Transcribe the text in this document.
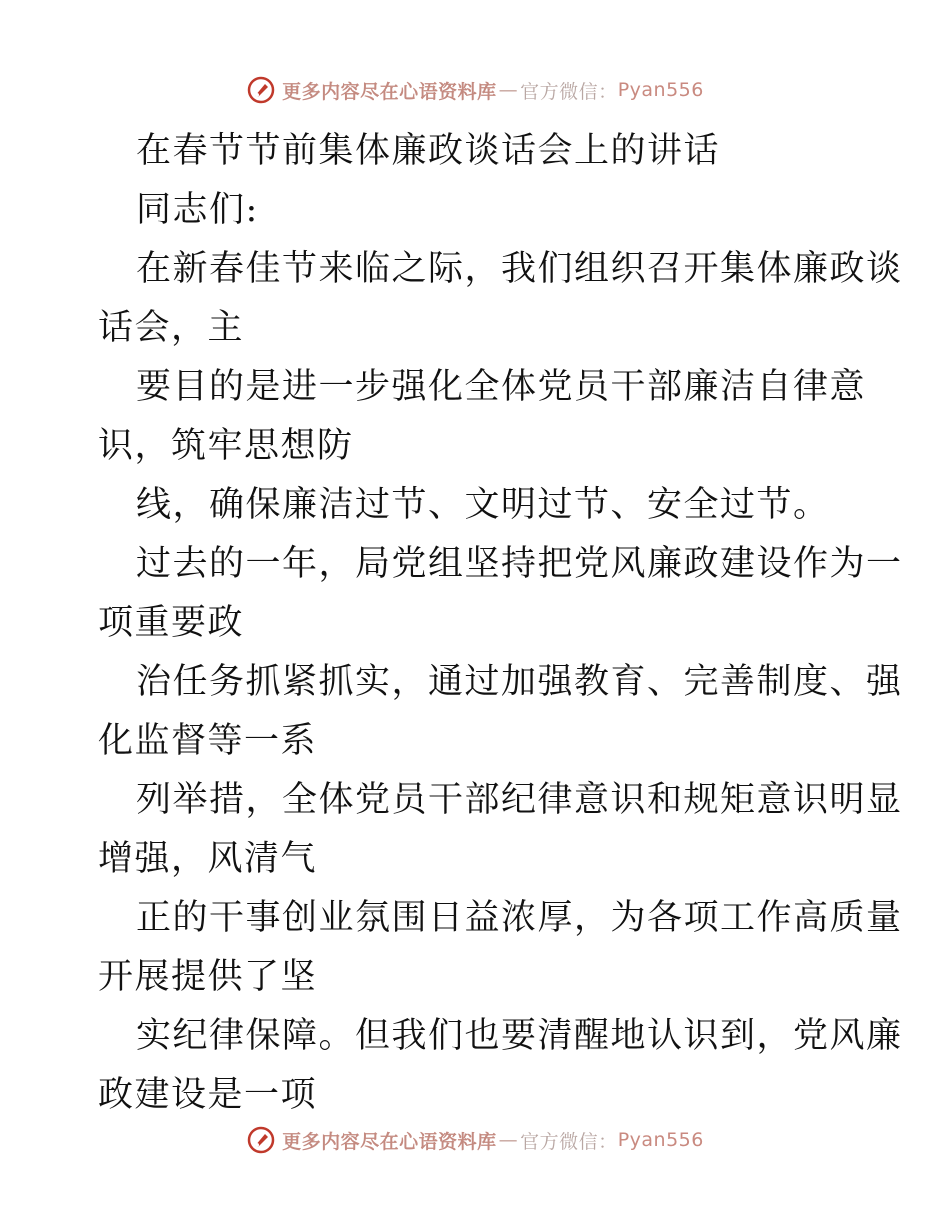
更多内容尽在心语资料库 — 官方微信： Pyan556
在春节节前集体廉政谈话会上的讲话
同志们:
在新春佳节来临之际，我们组织召开集体廉政谈
话会，主
要目的是进一步强化全体党员干部廉洁自律意
识，筑牢思想防
线，确保廉洁过节、文明过节、安全过节。
过去的一年，局党组坚持把党风廉政建设作为一
项重要政
治任务抓紧抓实，通过加强教育、完善制度、强
化监督等一系
列举措，全体党员干部纪律意识和规矩意识明显
增强，风清气
正的干事创业氛围日益浓厚，为各项工作高质量
开展提供了坚
实纪律保障。但我们也要清醒地认识到，党风廉
政建设是一项
更多内容尽在心语资料库 — 官方微信： Pyan556
